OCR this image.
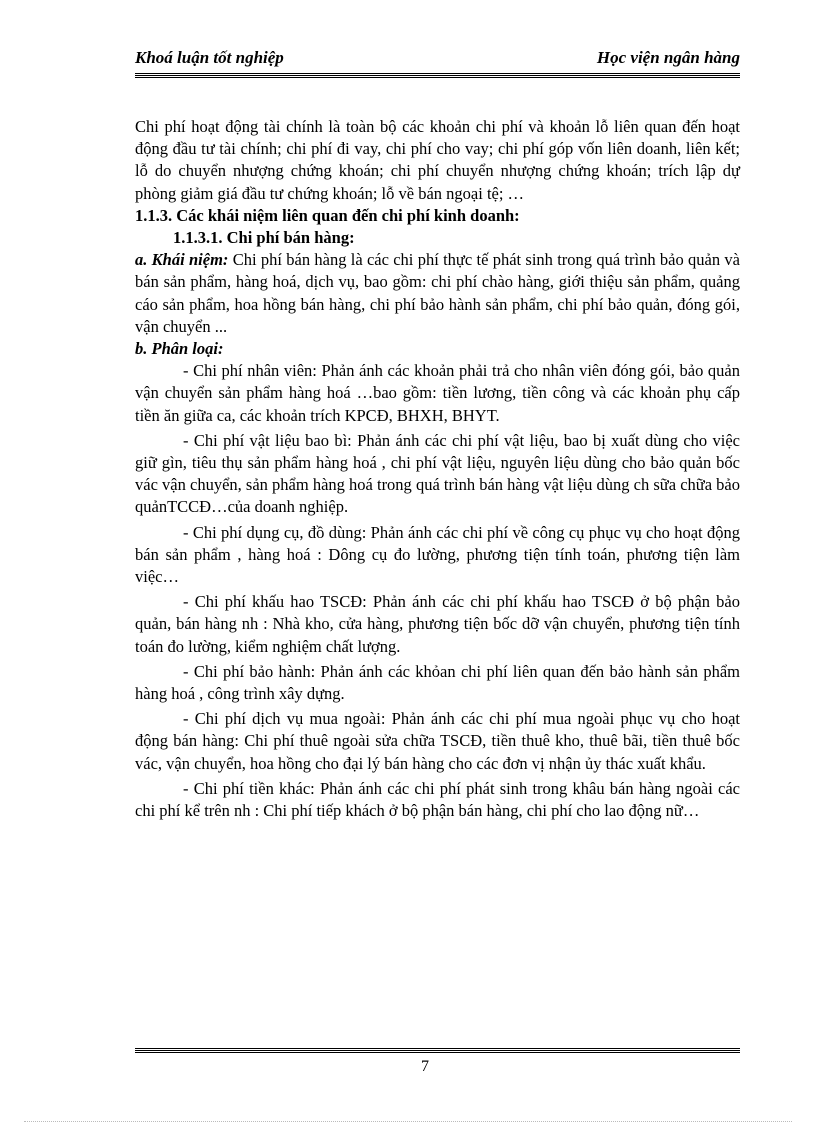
Khoá luận tốt nghiệp	Học viện ngân hàng

Chi phí hoạt động tài chính là toàn bộ các khoản chi phí và khoản lỗ liên quan đến hoạt động đầu tư tài chính; chi phí đi vay, chi phí cho vay; chi phí góp vốn liên doanh, liên kết; lỗ do chuyển nhượng chứng khoán; chi phí chuyển nhượng chứng khoán; trích lập dự phòng giảm giá đầu tư chứng khoán; lỗ về bán ngoại tệ; …

1.1.3. Các khái niệm liên quan đến chi phí kinh doanh:

1.1.3.1. Chi phí bán hàng:

a. Khái niệm: Chi phí bán hàng là các chi phí thực tế phát sinh trong quá trình bảo quản và bán sản phẩm, hàng hoá, dịch vụ, bao gồm: chi phí chào hàng, giới thiệu sản phẩm, quảng cáo sản phẩm, hoa hồng bán hàng, chi phí bảo hành sản phẩm, chi phí bảo quản, đóng gói, vận chuyển ...

b. Phân loại:

- Chi phí nhân viên: Phản ánh các khoản phải trả cho nhân viên đóng gói, bảo quản vận chuyển sản phẩm hàng hoá …bao gồm: tiền lương, tiền công và các khoản phụ cấp tiền ăn giữa ca, các khoản trích KPCĐ, BHXH, BHYT.

- Chi phí vật liệu bao bì: Phản ánh các chi phí vật liệu, bao bị xuất dùng cho việc giữ gìn, tiêu thụ sản phẩm hàng hoá , chi phí vật liệu, nguyên liệu dùng cho bảo quản bốc vác vận chuyển, sản phẩm hàng hoá trong quá trình bán hàng vật liệu dùng ch sữa chữa bảo quảnTCCĐ…của doanh nghiệp.

- Chi phí dụng cụ, đồ dùng: Phản ánh các chi phí về công cụ phục vụ cho hoạt động bán sản phẩm , hàng hoá : Dông cụ đo lường, phương tiện tính toán, phương tiện làm việc…

- Chi phí khấu hao TSCĐ: Phản ánh các chi phí khấu hao TSCĐ ở bộ phận bảo quản, bán hàng nh : Nhà kho, cửa hàng, phương tiện bốc dỡ vận chuyển, phương tiện tính toán đo lường, kiểm nghiệm chất lượng.

- Chi phí bảo hành: Phản ánh các khỏan chi phí liên quan đến bảo hành sản phẩm hàng hoá , công trình xây dựng.

- Chi phí dịch vụ mua ngoài: Phản ánh các chi phí mua ngoài phục vụ cho hoạt động bán hàng: Chi phí thuê ngoài sửa chữa TSCĐ, tiền thuê kho, thuê bãi, tiền thuê bốc vác, vận chuyển, hoa hồng cho đại lý bán hàng cho các đơn vị nhận ủy thác xuất khẩu.

- Chi phí tiền khác: Phản ánh các chi phí phát sinh trong khâu bán hàng ngoài các chi phí kể trên nh : Chi phí tiếp khách ở bộ phận bán hàng, chi phí cho lao động nữ…

7
